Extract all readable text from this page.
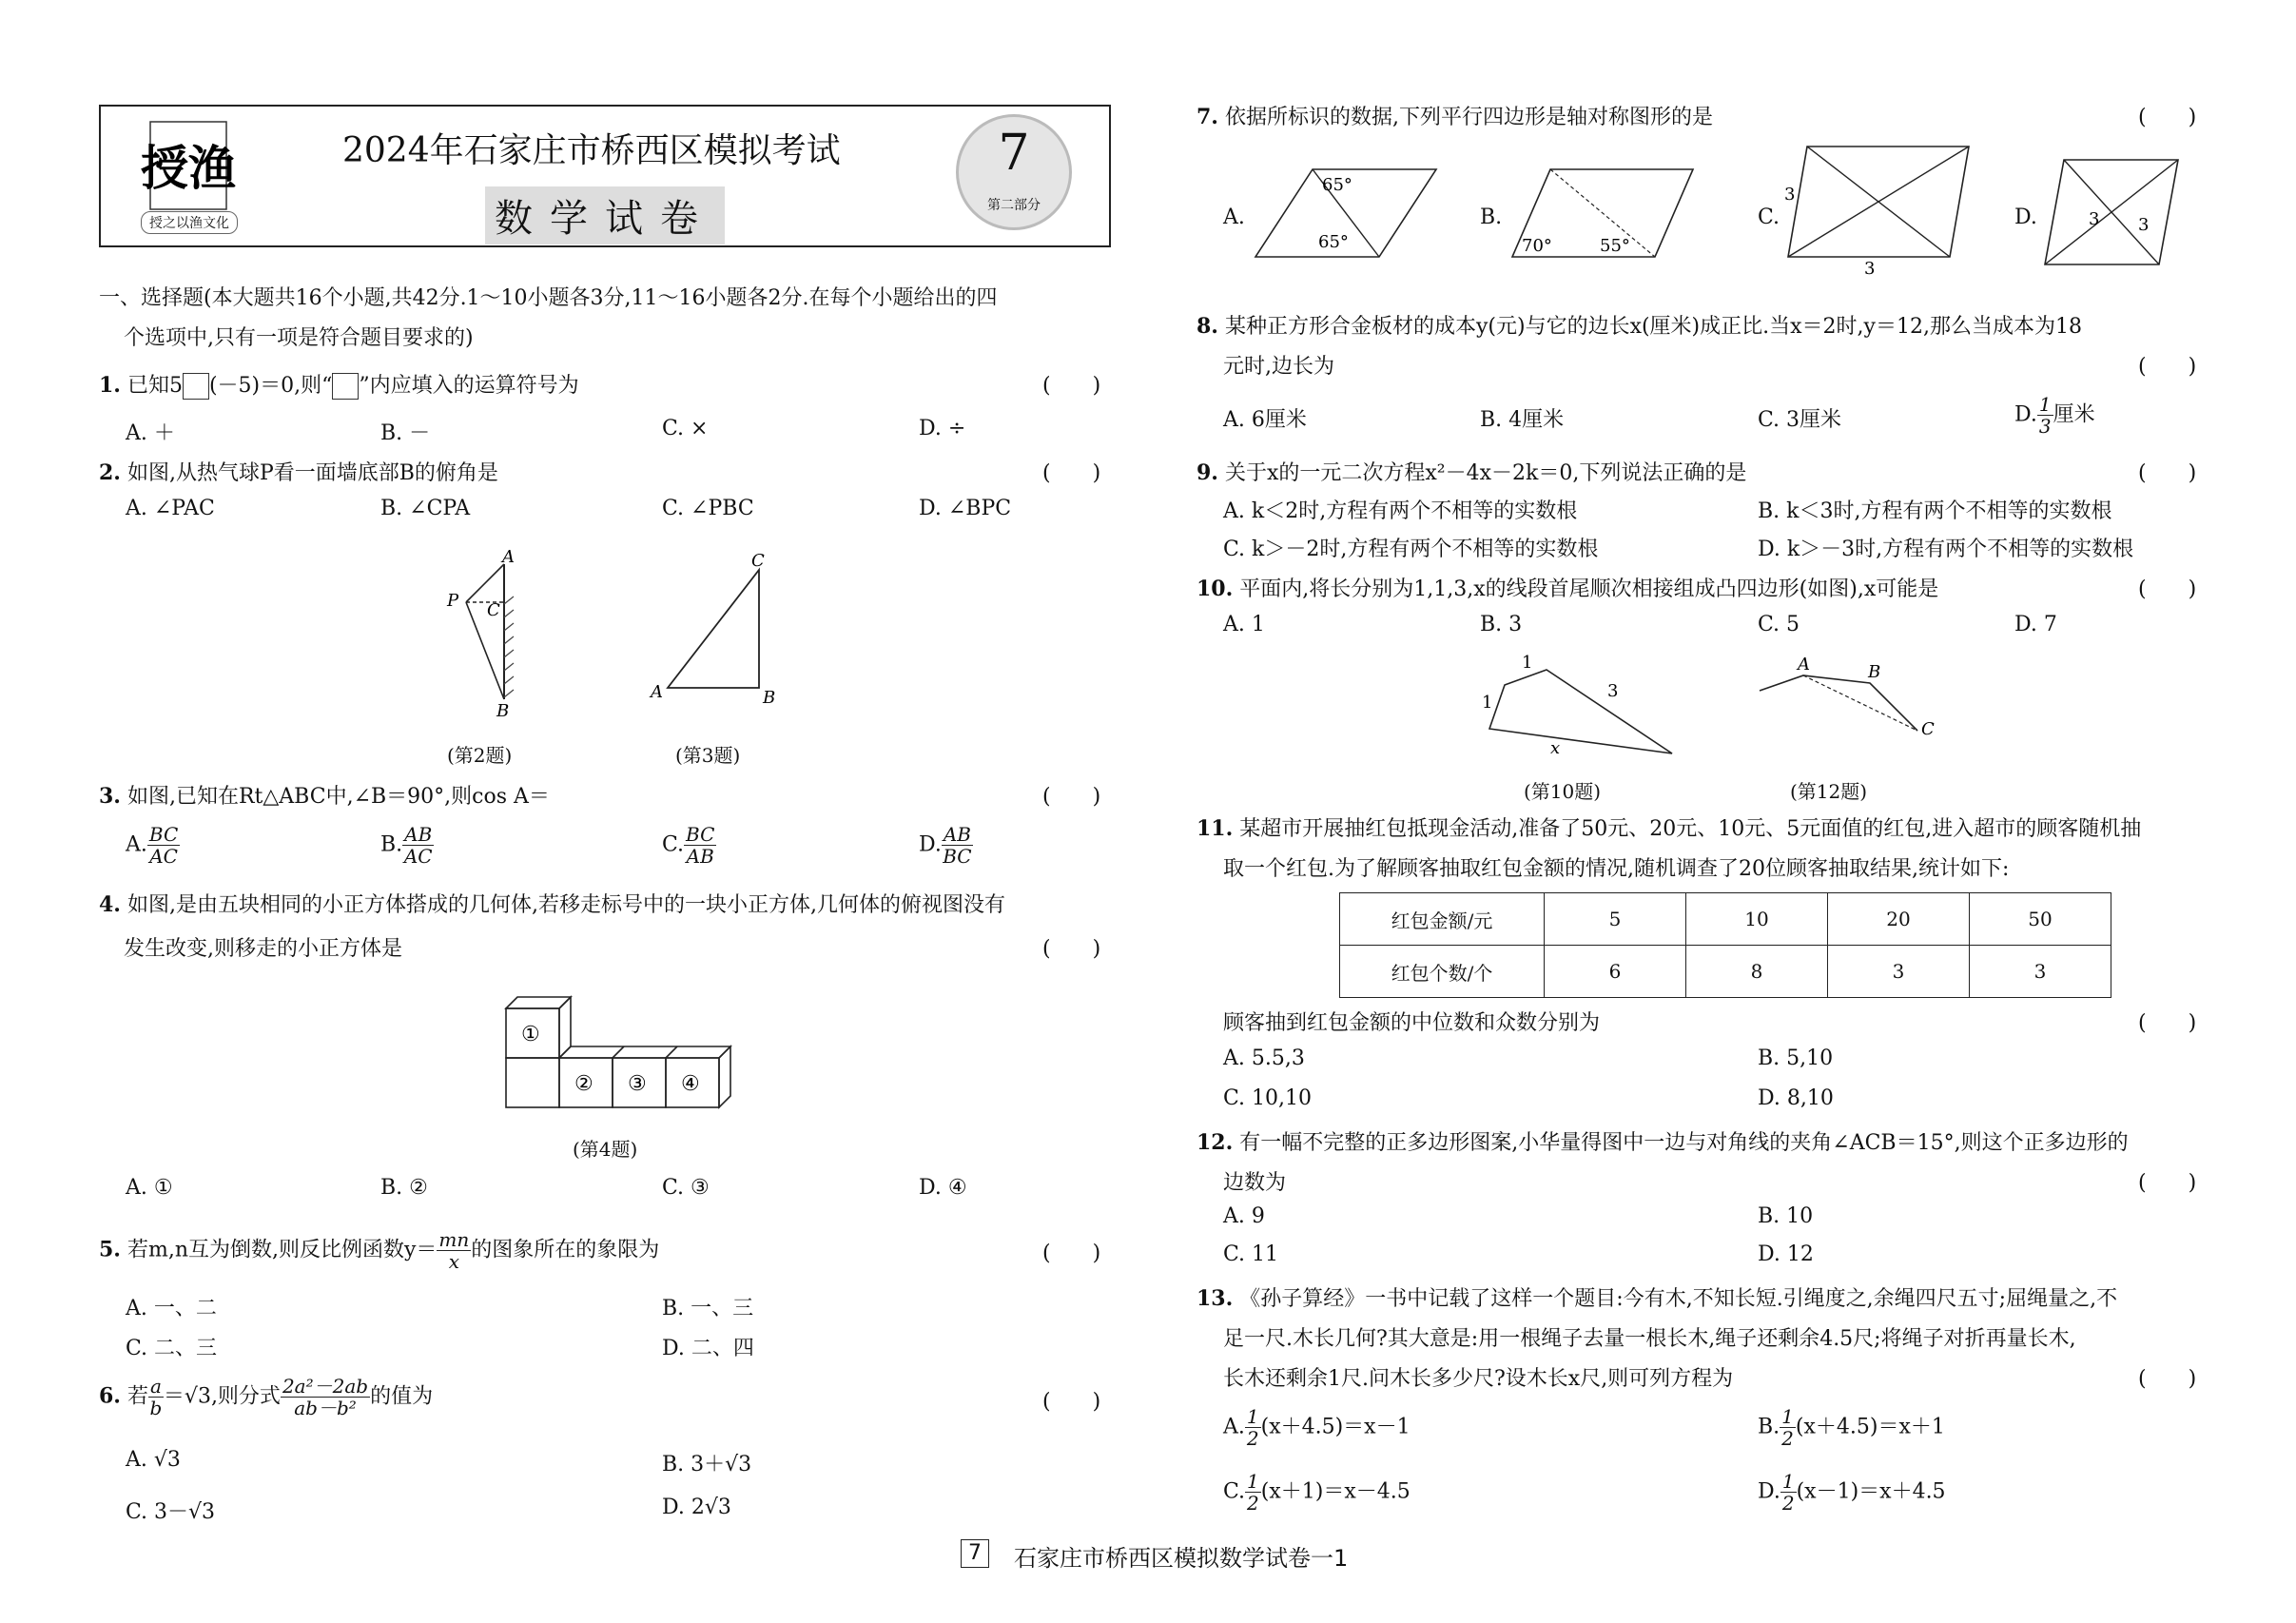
授渔
授之以渔文化
2024年石家庄市桥西区模拟考试
数学试卷
7
第二部分
一、选择题(本大题共16个小题,共42分.1～10小题各3分,11～16小题各2分.在每个小题给出的四
个选项中,只有一项是符合题目要求的)
1. 已知5 (－5)＝0,则“ ”内应填入的运算符号为	(　　)
A. ＋	B. －	C. ×	D. ÷
2. 如图,从热气球P看一面墙底部B的俯角是	(　　)
A. ∠PAC	B. ∠CPA	C. ∠PBC	D. ∠BPC
A
P C
B
C
A	B
(第2题)	(第3题)
3. 如图,已知在Rt△ABC中,∠B＝90°,则cos A＝	(　　)
A. $\frac{BC}{AC}$	B. $\frac{AB}{AC}$	C. $\frac{BC}{AB}$	D. $\frac{AB}{BC}$
4. 如图,是由五块相同的小正方体搭成的几何体,若移走标号中的一块小正方体,几何体的俯视图没有
发生改变,则移走的小正方体是	(　　)
①
② ③ ④
(第4题)
A. ①	B. ②	C. ③	D. ④
5. 若m,n互为倒数,则反比例函数$y= \frac{mn}{x}$ 的图象所在的象限为	(　　)
A. 一、二	B. 一、三
C. 二、三	D. 二、四
6. 若 $\frac{a}{b} =√3$,则分式 $\frac{\text{2a²－2ab}}{\text{ab－b²}}$ 的值为	(　　)
A. √3	B. 3＋√3
C. 3－√3	D. 2√3
7. 依据所标识的数据,下列平行四边形是轴对称图形的是	(　　)
A.	B.	C.	D.
65°
65°	70°	55°
3
3
3 3
8. 某种正方形合金板材的成本y(元)与它的边长x(厘米)成正比.当x＝2时,y＝12,那么当成本为18
元时,边长为	(　　)
A. 6厘米	B. 4厘米	C. 3厘米	D. $\frac{1}{3}$ 厘米
9. 关于x的一元二次方程x²－4x－2k＝0,下列说法正确的是	(　　)
A. k＜2时,方程有两个不相等的实数根	B. k＜3时,方程有两个不相等的实数根
C. k＞－2时,方程有两个不相等的实数根	D. k＞－3时,方程有两个不相等的实数根
10. 平面内,将长分别为1,1,3,x的线段首尾顺次相接组成凸四边形(如图),x可能是	(　　)
A. 1	B. 3	C. 5	D. 7
1
1
3
x
A	B
C
(第10题)	(第12题)
11. 某超市开展抽红包抵现金活动,准备了50元、20元、10元、5元面值的红包,进入超市的顾客随机抽
取一个红包.为了解顾客抽取红包金额的情况,随机调查了20位顾客抽取结果,统计如下:
红包金额/元	5	10	20	50
红包个数/个	6	8	3	3
顾客抽到红包金额的中位数和众数分别为	(　　)
A. 5.5,3	B. 5,10
C. 10,10	D. 8,10
12. 有一幅不完整的正多边形图案,小华量得图中一边与对角线的夹角∠ACB＝15°,则这个正多边形的
边数为	(　　)
A. 9	B. 10
C. 11	D. 12
13. 《孙子算经》一书中记载了这样一个题目:今有木,不知长短.引绳度之,余绳四尺五寸;屈绳量之,不
足一尺.木长几何?其大意是:用一根绳子去量一根长木,绳子还剩余4.5尺;将绳子对折再量长木,
长木还剩余1尺.问木长多少尺?设木长x尺,则可列方程为	(　　)
A. $\frac{1}{2} (x+4.5)=x-1$	B. $\frac{1}{2} (x+4.5)=x+1$
C. $\frac{1}{2} (x+1)=x-4.5$	D. $\frac{1}{2} (x-1)=x+4.5$
7	石家庄市桥西区模拟数学试卷一1
